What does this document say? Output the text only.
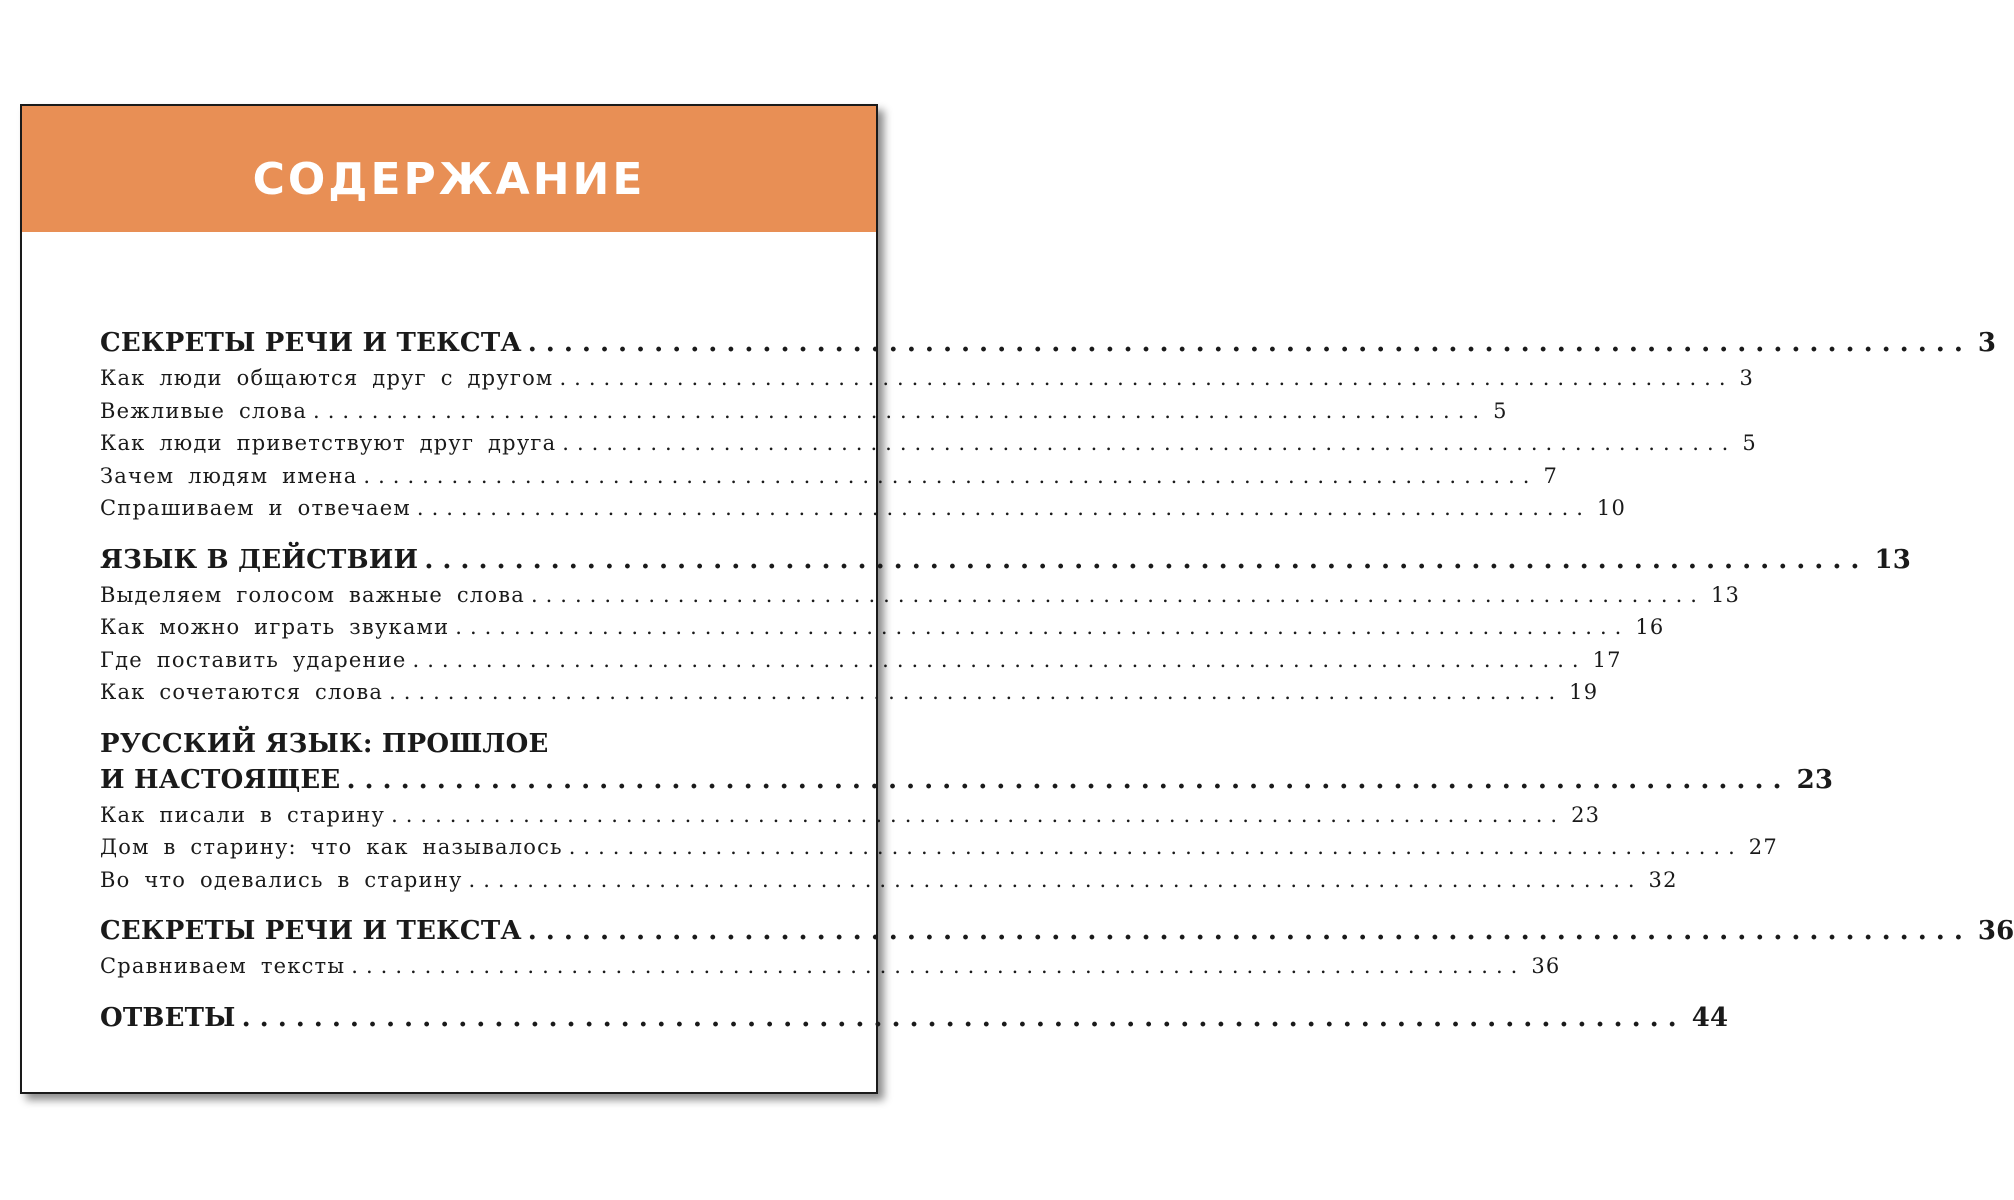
СОДЕРЖАНИЕ
СЕКРЕТЫ РЕЧИ И ТЕКСТА ................................................................................ 3
Как люди общаются друг с другом ................................................................................ 3
Вежливые слова ................................................................................ 5
Как люди приветствуют друг друга ................................................................................ 5
Зачем людям имена ................................................................................ 7
Спрашиваем и отвечаем ................................................................................ 10
ЯЗЫК В ДЕЙСТВИИ ................................................................................ 13
Выделяем голосом важные слова ................................................................................ 13
Как можно играть звуками ................................................................................ 16
Где поставить ударение ................................................................................ 17
Как сочетаются слова ................................................................................ 19
РУССКИЙ ЯЗЫК: ПРОШЛОЕ
И НАСТОЯЩЕЕ ................................................................................ 23
Как писали в старину ................................................................................ 23
Дом в старину: что как называлось ................................................................................ 27
Во что одевались в старину ................................................................................ 32
СЕКРЕТЫ РЕЧИ И ТЕКСТА ................................................................................ 36
Сравниваем тексты ................................................................................ 36
ОТВЕТЫ ................................................................................ 44
